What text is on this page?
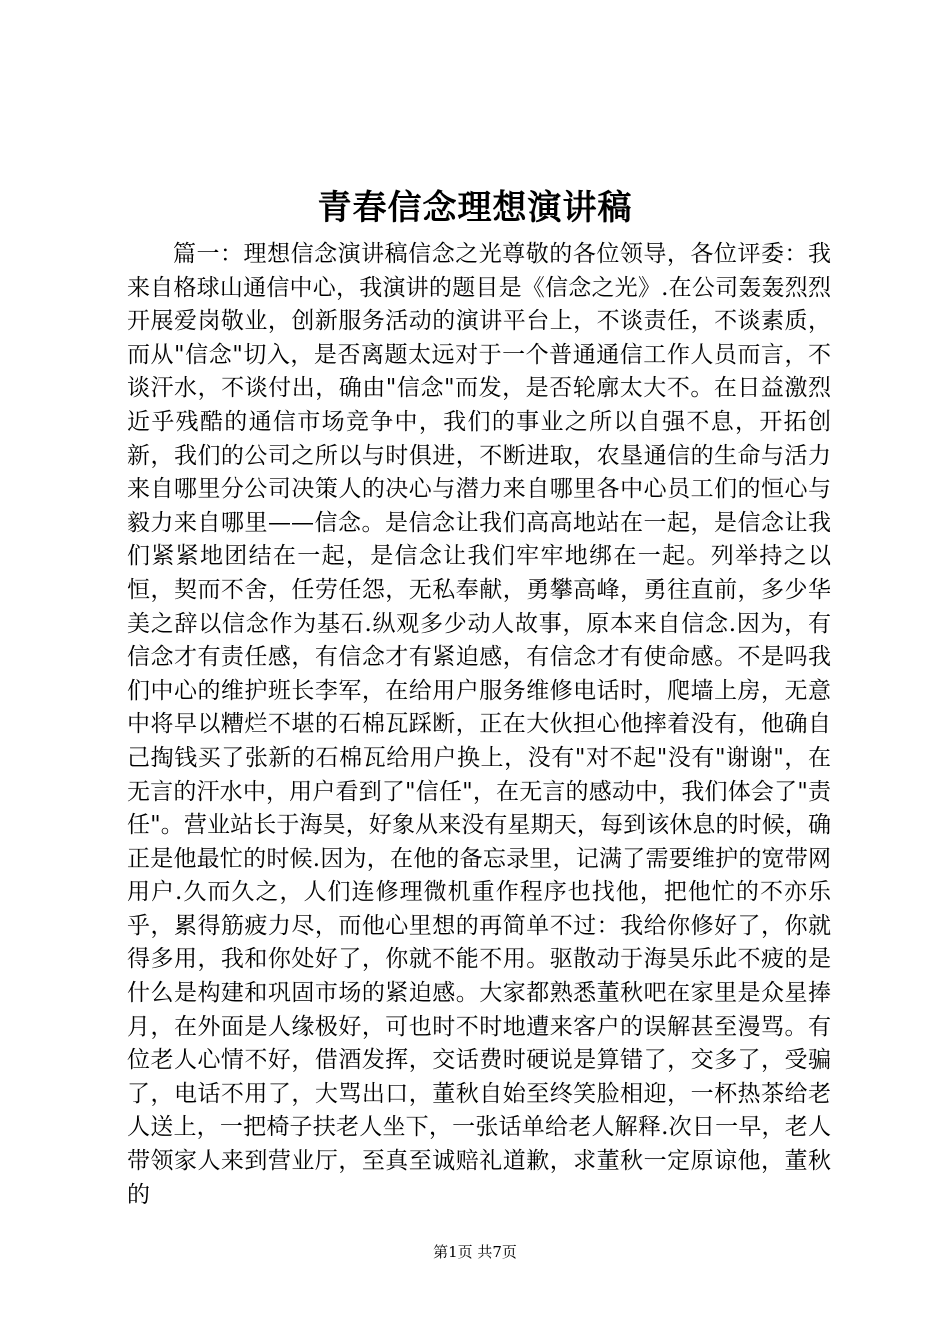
青春信念理想演讲稿

篇一：理想信念演讲稿信念之光尊敬的各位领导，各位评委：我来自格球山通信中心，我演讲的题目是《信念之光》.在公司轰轰烈烈开展爱岗敬业，创新服务活动的演讲平台上，不谈责任，不谈素质，而从"信念"切入，是否离题太远对于一个普通通信工作人员而言，不谈汗水，不谈付出，确由"信念"而发，是否轮廓太大不。在日益激烈近乎残酷的通信市场竞争中，我们的事业之所以自强不息，开拓创新，我们的公司之所以与时俱进，不断进取，农垦通信的生命与活力来自哪里分公司决策人的决心与潜力来自哪里各中心员工们的恒心与毅力来自哪里——信念。是信念让我们高高地站在一起，是信念让我们紧紧地团结在一起，是信念让我们牢牢地绑在一起。列举持之以恒，契而不舍，任劳任怨，无私奉献，勇攀高峰，勇往直前，多少华美之辞以信念作为基石.纵观多少动人故事，原本来自信念.因为，有信念才有责任感，有信念才有紧迫感，有信念才有使命感。不是吗我们中心的维护班长李军，在给用户服务维修电话时，爬墙上房，无意中将早以糟烂不堪的石棉瓦踩断，正在大伙担心他摔着没有，他确自己掏钱买了张新的石棉瓦给用户换上，没有"对不起"没有"谢谢"，在无言的汗水中，用户看到了"信任"，在无言的感动中，我们体会了"责任"。营业站长于海昊，好象从来没有星期天，每到该休息的时候，确正是他最忙的时候.因为，在他的备忘录里，记满了需要维护的宽带网用户.久而久之，人们连修理微机重作程序也找他，把他忙的不亦乐乎，累得筋疲力尽，而他心里想的再简单不过：我给你修好了，你就得多用，我和你处好了，你就不能不用。驱散动于海昊乐此不疲的是什么是构建和巩固市场的紧迫感。大家都熟悉董秋吧在家里是众星捧月，在外面是人缘极好，可也时不时地遭来客户的误解甚至漫骂。有位老人心情不好，借酒发挥，交话费时硬说是算错了，交多了，受骗了，电话不用了，大骂出口，董秋自始至终笑脸相迎，一杯热茶给老人送上，一把椅子扶老人坐下，一张话单给老人解释.次日一早，老人带领家人来到营业厅，至真至诚赔礼道歉，求董秋一定原谅他，董秋的

第1页 共7页
